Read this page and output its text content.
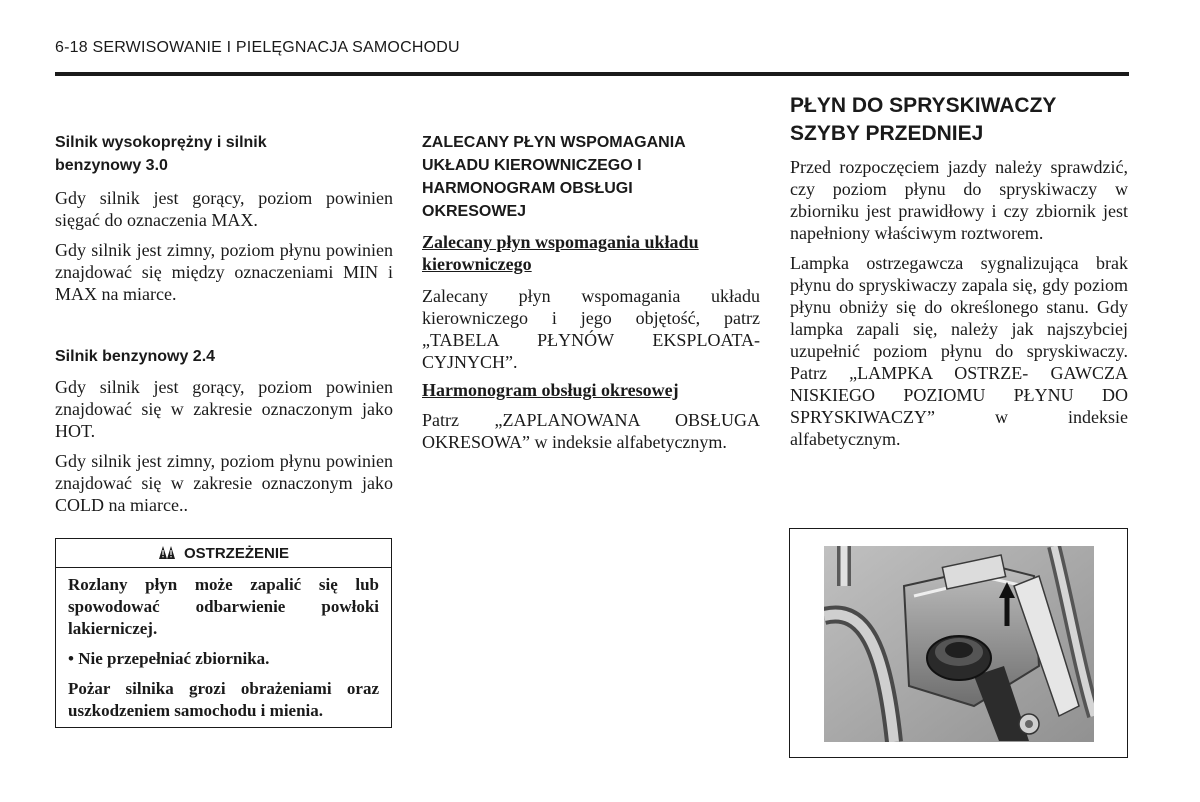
6-18 SERWISOWANIE I PIELĘGNACJA SAMOCHODU

Silnik wysokoprężny i silnik

benzynowy 3.0

Gdy silnik jest gorący, poziom powinien sięgać do oznaczenia MAX.

Gdy silnik jest zimny, poziom płynu powinien znajdować się między oznaczeniami MIN i MAX na miarce.

Silnik benzynowy 2.4

Gdy silnik jest gorący, poziom powinien znajdować się w zakresie oznaczonym jako HOT.

Gdy silnik jest zimny, poziom płynu powinien znajdować się w zakresie oznaczonym jako COLD na miarce..

OSTRZEŻENIE

Rozlany płyn może zapalić się lub spowodować odbarwienie powłoki lakierniczej.

• Nie przepełniać zbiornika.

Pożar silnika grozi obrażeniami oraz uszkodzeniem samochodu i mienia.

ZALECANY PŁYN WSPOMAGANIA

UKŁADU KIEROWNICZEGO I

HARMONOGRAM OBSŁUGI

OKRESOWEJ

Zalecany płyn wspomagania układu kierowniczego

Zalecany płyn wspomagania układu kierowniczego i jego objętość, patrz „TABELA PŁYNÓW EKSPLOATA- CYJNYCH”.

Harmonogram obsługi okresowej

Patrz „ZAPLANOWANA OBSŁUGA OKRESOWA” w indeksie alfabetycznym.

PŁYN DO SPRYSKIWACZY

SZYBY PRZEDNIEJ

Przed rozpoczęciem jazdy należy sprawdzić, czy poziom płynu do spryskiwaczy w zbiorniku jest prawidłowy i czy zbiornik jest napełniony właściwym roztworem.

Lampka ostrzegawcza sygnalizująca brak płynu do spryskiwaczy zapala się, gdy poziom płynu obniży się do określonego stanu. Gdy lampka zapali się, należy jak najszybciej uzupełnić poziom płynu do spryskiwaczy. Patrz „LAMPKA OSTRZE- GAWCZA NISKIEGO POZIOMU PŁYNU DO SPRYSKIWACZY” w indeksie alfabetycznym.
